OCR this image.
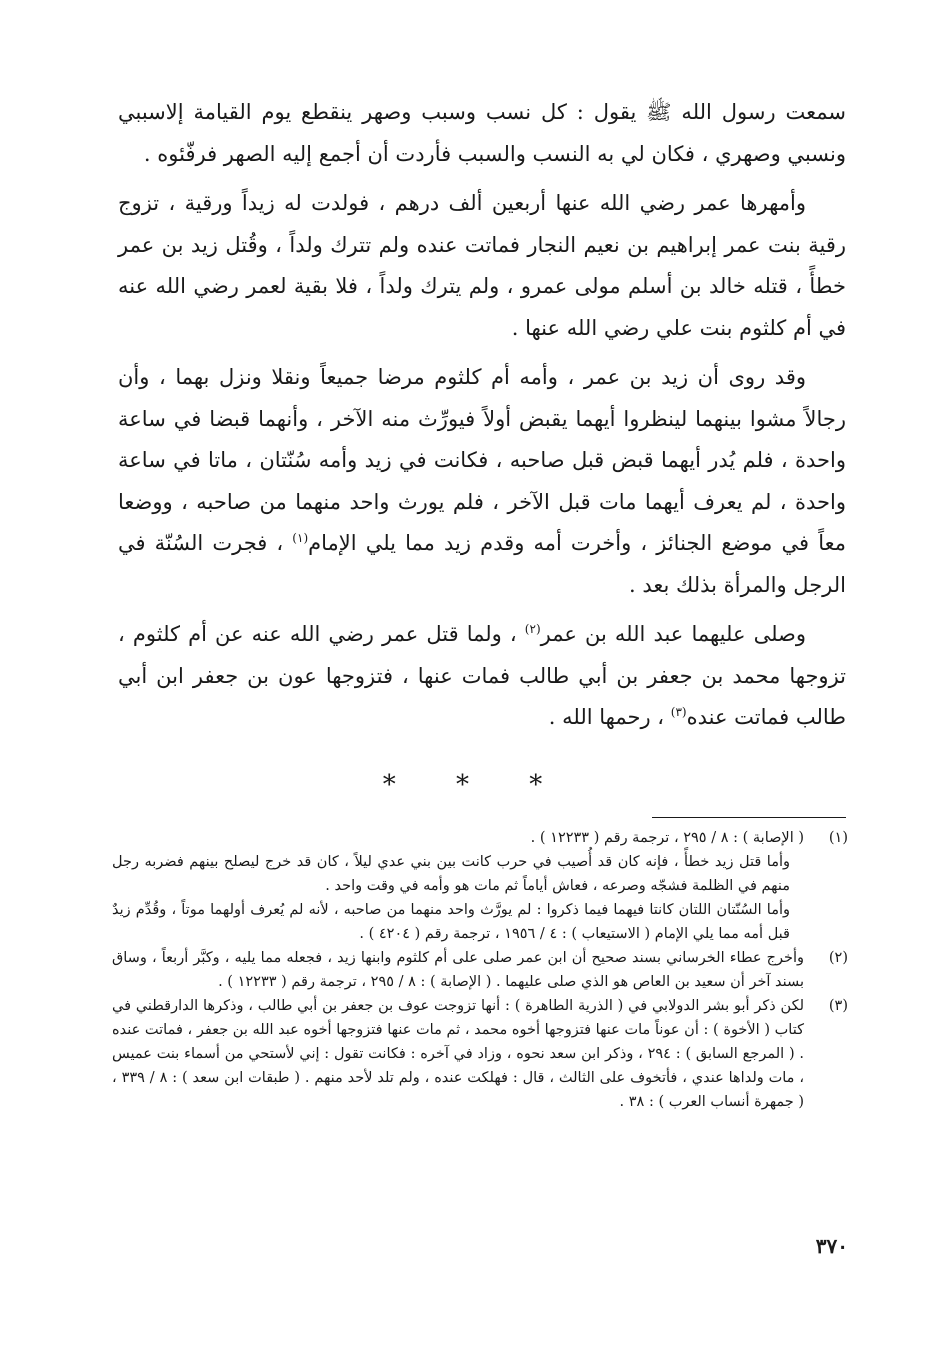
سمعت رسول الله ﷺ يقول : كل نسب وسبب وصهر ينقطع يوم القيامة إلاسببي ونسبي وصهري ، فكان لي به النسب والسبب فأردت أن أجمع إليه الصهر فرفّئوه .

وأمهرها عمر رضي الله عنها أربعين ألف درهم ، فولدت له زيداً ورقية ، تزوج رقية بنت عمر إبراهيم بن نعيم النجار فماتت عنده ولم تترك ولداً ، وقُتل زيد بن عمر خطأً ، قتله خالد بن أسلم مولى عمرو ، ولم يترك ولداً ، فلا بقية لعمر رضي الله عنه في أم كلثوم بنت علي رضي الله عنها .

وقد روى أن زيد بن عمر ، وأمه أم كلثوم مرضا جميعاً ونقلا ونزل بهما ، وأن رجالاً مشوا بينهما لينظروا أيهما يقبض أولاً فيورِّث منه الآخر ، وأنهما قبضا في ساعة واحدة ، فلم يُدر أيهما قبض قبل صاحبه ، فكانت في زيد وأمه سُنّتان ، ماتا في ساعة واحدة ، لم يعرف أيهما مات قبل الآخر ، فلم يورث واحد منهما من صاحبه ، ووضعا معاً في موضع الجنائز ، وأخرت أمه وقدم زيد مما يلي الإمام$^{(١)}$ ، فجرت السُنّة في الرجل والمرأة بذلك بعد .

وصلى عليهما عبد الله بن عمر$^{(٢)}$ ، ولما قتل عمر رضي الله عنه عن أم كلثوم ، تزوجها محمد بن جعفر بن أبي طالب فمات عنها ، فتزوجها عون بن جعفر ابن أبي طالب فماتت عنده$^{(٣)}$ ، رحمها الله .

* * *
(١)
( الإصابة ) : ٨ / ٢٩٥ ، ترجمة رقم ( ١٢٢٣٣ ) .
وأما قتل زيد خطأً ، فإنه كان قد أُصيب في حرب كانت بين بني عدي ليلاً ، كان قد خرج ليصلح بينهم فضربه رجل منهم في الظلمة فشجّه وصرعه ، فعاش أياماً ثم مات هو وأمه في وقت واحد .
وأما السُنّتان اللتان كانتا فيهما فيما ذكروا : لم يورَّث واحد منهما من صاحبه ، لأنه لم يُعرف أولهما موتاً ، وقُدِّم زيدٌ قبل أمه مما يلي الإمام ( الاستيعاب ) : ٤ / ١٩٥٦ ، ترجمة رقم ( ٤٢٠٤ ) .
(٢)
وأخرج عطاء الخرساني بسند صحيح أن ابن عمر صلى على أم كلثوم وابنها زيد ، فجعله مما يليه ، وكبَّر أربعاً ، وساق بسند آخر أن سعيد بن العاص هو الذي صلى عليهما . ( الإصابة ) : ٨ / ٢٩٥ ، ترجمة رقم ( ١٢٢٣٣ ) .
(٣)
لكن ذكر أبو بشر الدولابي في ( الذرية الطاهرة ) : أنها تزوجت عوف بن جعفر بن أبي طالب ، وذكرها الدارقطني في كتاب ( الأخوة ) : أن عوناً مات عنها فتزوجها أخوه محمد ، ثم مات عنها فتزوجها أخوه عبد الله بن جعفر ، فماتت عنده . ( المرجع السابق ) : ٢٩٤ ، وذكر ابن سعد نحوه ، وزاد في آخره : فكانت تقول : إني لأستحي من أسماء بنت عميس ، مات ولداها عندي ، فأتخوف على الثالث ، قال : فهلكت عنده ، ولم تلد لأحد منهم . ( طبقات ابن سعد ) : ٨ / ٣٣٩ ، ( جمهرة أنساب العرب ) : ٣٨ .
٣٧٠
